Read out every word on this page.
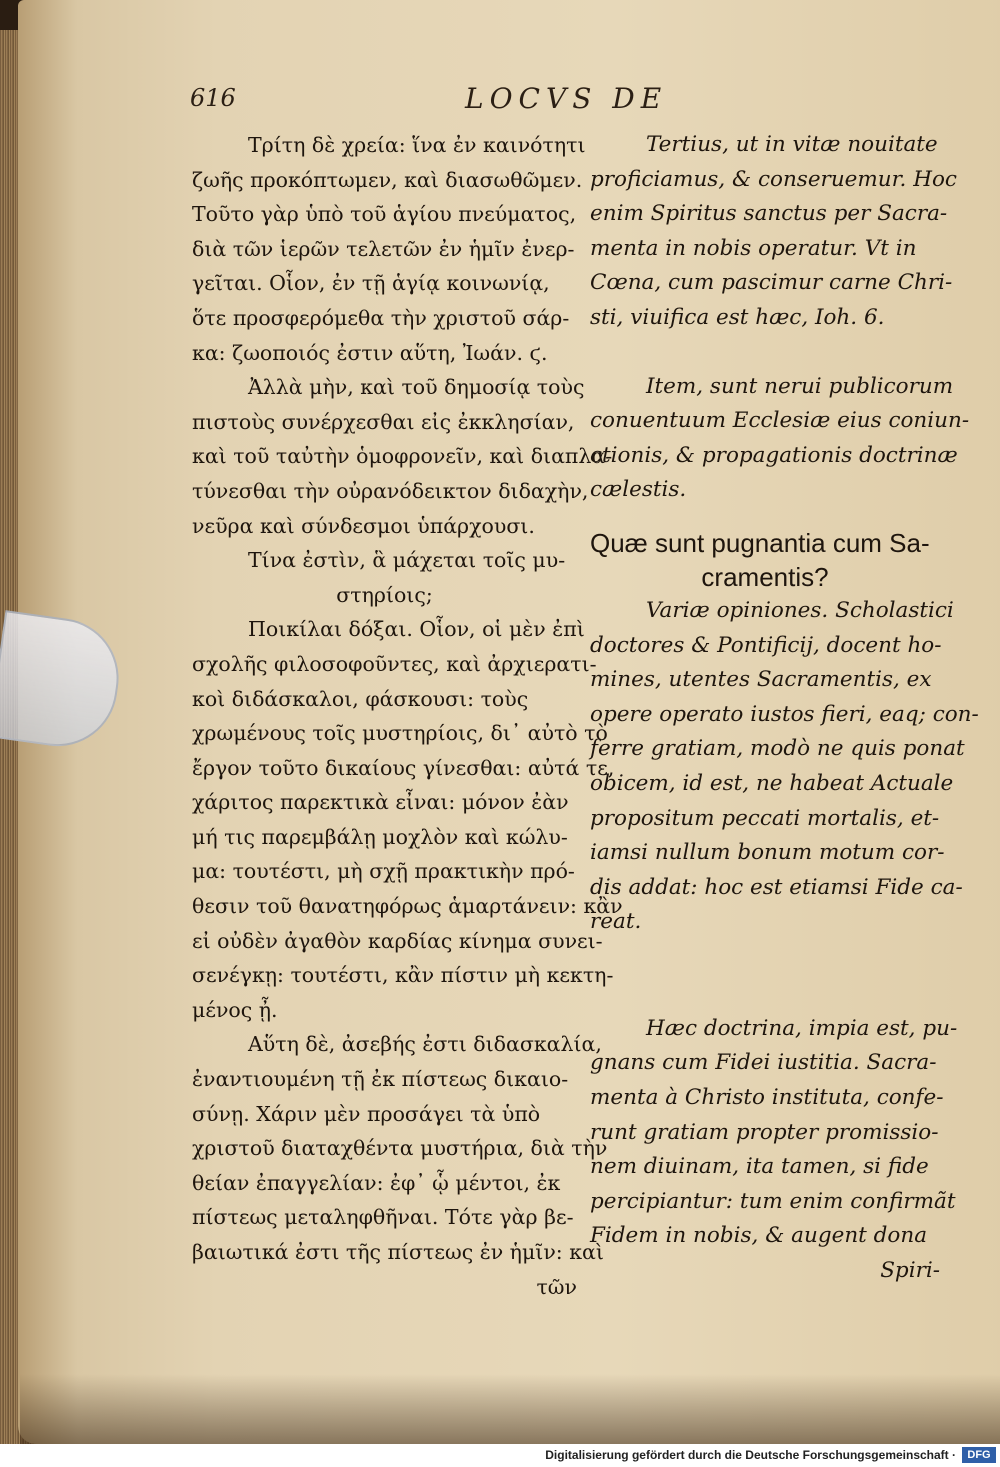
616	LOCVS DE
Τρίτη δὲ χρεία: ἵνα ἐν καινότητι
ζωῆς προκόπτωμεν, καὶ διασωθῶμεν.
Τοῦτο γὰρ ὑπὸ τοῦ ἁγίου πνεύματος,
διὰ τῶν ἱερῶν τελετῶν ἐν ἡμῖν ἐνερ-
γεῖται. Οἷον, ἐν τῇ ἁγίᾳ κοινωνίᾳ,
ὅτε προσφερόμεθα τὴν χριστοῦ σάρ-
κα: ζωοποιός ἐστιν αὕτη, Ἰωάν. ϛ.
Ἀλλὰ μὴν, καὶ τοῦ δημοσίᾳ τοὺς
πιστοὺς συνέρχεσθαι εἰς ἐκκλησίαν,
καὶ τοῦ ταὐτὴν ὁμοφρονεῖν, καὶ διαπλα-
τύνεσθαι τὴν οὐρανόδεικτον διδαχὴν,
νεῦρα καὶ σύνδεσμοι ὑπάρχουσι.
Τίνα ἐστὶν, ἃ μάχεται τοῖς μυ-
στηρίοις;
Ποικίλαι δόξαι. Οἷον, οἱ μὲν ἐπὶ
σχολῆς φιλοσοφοῦντες, καὶ ἀρχιερατι-
κοὶ διδάσκαλοι, φάσκουσι: τοὺς
χρωμένους τοῖς μυστηρίοις, δι᾽ αὐτὸ τὸ
ἔργον τοῦτο δικαίους γίνεσθαι: αὐτά τε,
χάριτος παρεκτικὰ εἶναι: μόνον ἐὰν
μή τις παρεμβάλῃ μοχλὸν καὶ κώλυ-
μα: τουτέστι, μὴ σχῇ πρακτικὴν πρό-
θεσιν τοῦ θανατηφόρως ἁμαρτάνειν: κἂν
εἰ οὐδὲν ἀγαθὸν καρδίας κίνημα συνει-
σενέγκῃ: τουτέστι, κἂν πίστιν μὴ κεκτη-
μένος ᾖ.
Αὕτη δὲ, ἀσεβής ἐστι διδασκαλία,
ἐναντιουμένη τῇ ἐκ πίστεως δικαιο-
σύνῃ. Χάριν μὲν προσάγει τὰ ὑπὸ
χριστοῦ διαταχθέντα μυστήρια, διὰ τὴν
θείαν ἐπαγγελίαν: ἐφ᾽ ᾧ μέντοι, ἐκ
πίστεως μεταληφθῆναι. Τότε γὰρ βε-
βαιωτικά ἐστι τῆς πίστεως ἐν ἡμῖν: καὶ
τῶν
Tertius, ut in vitæ nouitate
proficiamus, & conseruemur. Hoc
enim Spiritus sanctus per Sacra-
menta in nobis operatur. Vt in
Cœna, cum pascimur carne Chri-
sti, viuifica est hæc, Ioh. 6.
Item, sunt nerui publicorum
conuentuum Ecclesiæ eius coniun-
ctionis, & propagationis doctrinæ
cælestis.
Quæ sunt pugnantia cum Sa-
cramentis?
Variæ opiniones. Scholastici
doctores & Pontificij, docent ho-
mines, utentes Sacramentis, ex
opere operato iustos fieri, eaq; con-
ferre gratiam, modò ne quis ponat
obicem, id est, ne habeat Actuale
propositum peccati mortalis, et-
iamsi nullum bonum motum cor-
dis addat: hoc est etiamsi Fide ca-
reat.
Hæc doctrina, impia est, pu-
gnans cum Fidei iustitia. Sacra-
menta à Christo instituta, confe-
runt gratiam propter promissio-
nem diuinam, ita tamen, si fide
percipiantur: tum enim confirmãt
Fidem in nobis, & augent dona
Spiri-
Digitalisierung gefördert durch die Deutsche Forschungsgemeinschaft ·	DFG
